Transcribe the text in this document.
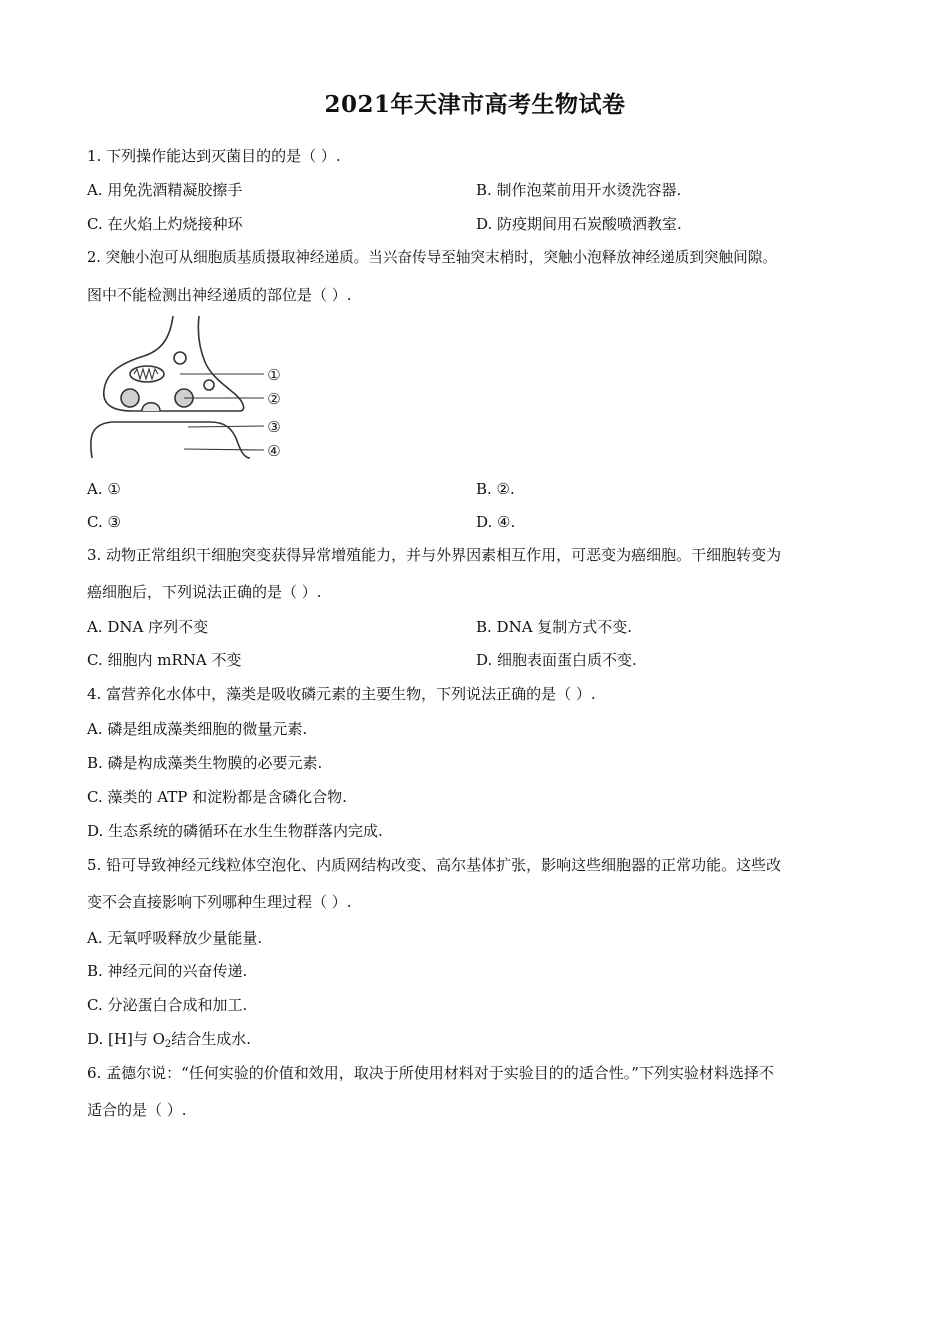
2021年天津市高考生物试卷
1. 下列操作能达到灭菌目的的是（ ）.
A. 用免洗酒精凝胶擦手	B. 制作泡菜前用开水烫洗容器.
C. 在火焰上灼烧接种环	D. 防疫期间用石炭酸喷洒教室.
2. 突触小泡可从细胞质基质摄取神经递质。当兴奋传导至轴突末梢时，突触小泡释放神经递质到突触间隙。
图中不能检测出神经递质的部位是（ ）.
①
②
③
④
A. ①	B. ②.
C. ③	D. ④.
3. 动物正常组织干细胞突变获得异常增殖能力，并与外界因素相互作用，可恶变为癌细胞。干细胞转变为
癌细胞后，下列说法正确的是（ ）.
A. DNA 序列不变	B. DNA 复制方式不变.
C. 细胞内 mRNA 不变	D. 细胞表面蛋白质不变.
4. 富营养化水体中，藻类是吸收磷元素的主要生物，下列说法正确的是（ ）.
A. 磷是组成藻类细胞的微量元素.
B. 磷是构成藻类生物膜的必要元素.
C. 藻类的 ATP 和淀粉都是含磷化合物.
D. 生态系统的磷循环在水生生物群落内完成.
5. 铅可导致神经元线粒体空泡化、内质网结构改变、高尔基体扩张，影响这些细胞器的正常功能。这些改
变不会直接影响下列哪种生理过程（ ）.
A. 无氧呼吸释放少量能量.
B. 神经元间的兴奋传递.
C. 分泌蛋白合成和加工.
D. [H]与 $O_2$结合生成水.
6. 孟德尔说：“任何实验的价值和效用，取决于所使用材料对于实验目的的适合性。”下列实验材料选择不
适合的是（ ）.
